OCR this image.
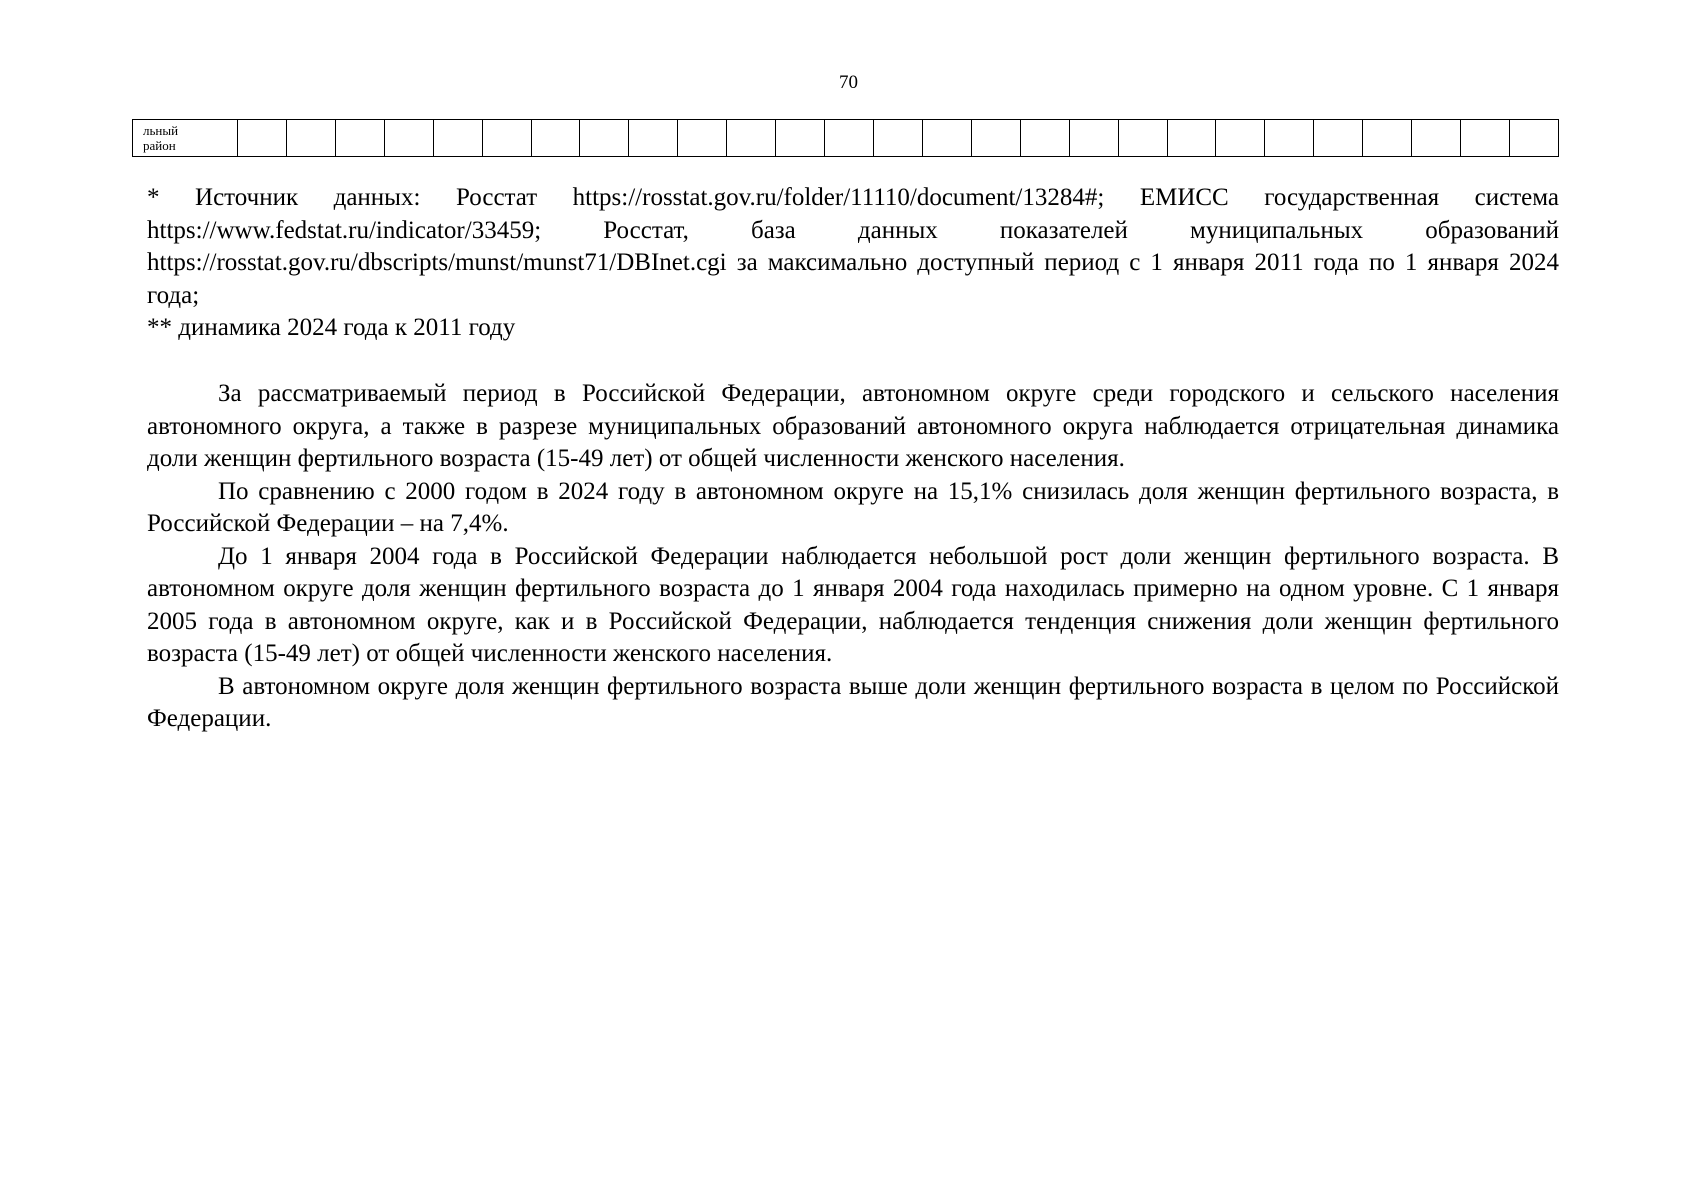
70
льный
район

* Источник данных: Росстат https://rosstat.gov.ru/folder/11110/document/13284#; ЕМИСС государственная система https://www.fedstat.ru/indicator/33459; Росстат, база данных показателей муниципальных образований https://rosstat.gov.ru/dbscripts/munst/munst71/DBInet.cgi за максимально доступный период с 1 января 2011 года по 1 января 2024 года;

** динамика 2024 года к 2011 году

За рассматриваемый период в Российской Федерации, автономном округе среди городского и сельского населения автономного округа, а также в разрезе муниципальных образований автономного округа наблюдается отрицательная динамика доли женщин фертильного возраста (15-49 лет) от общей численности женского населения.

По сравнению с 2000 годом в 2024 году в автономном округе на 15,1% снизилась доля женщин фертильного возраста, в Российской Федерации – на 7,4%.

До 1 января 2004 года в Российской Федерации наблюдается небольшой рост доли женщин фертильного возраста. В автономном округе доля женщин фертильного возраста до 1 января 2004 года находилась примерно на одном уровне. С 1 января 2005 года в автономном округе, как и в Российской Федерации, наблюдается тенденция снижения доли женщин фертильного возраста (15-49 лет) от общей численности женского населения.

В автономном округе доля женщин фертильного возраста выше доли женщин фертильного возраста в целом по Российской Федерации.
